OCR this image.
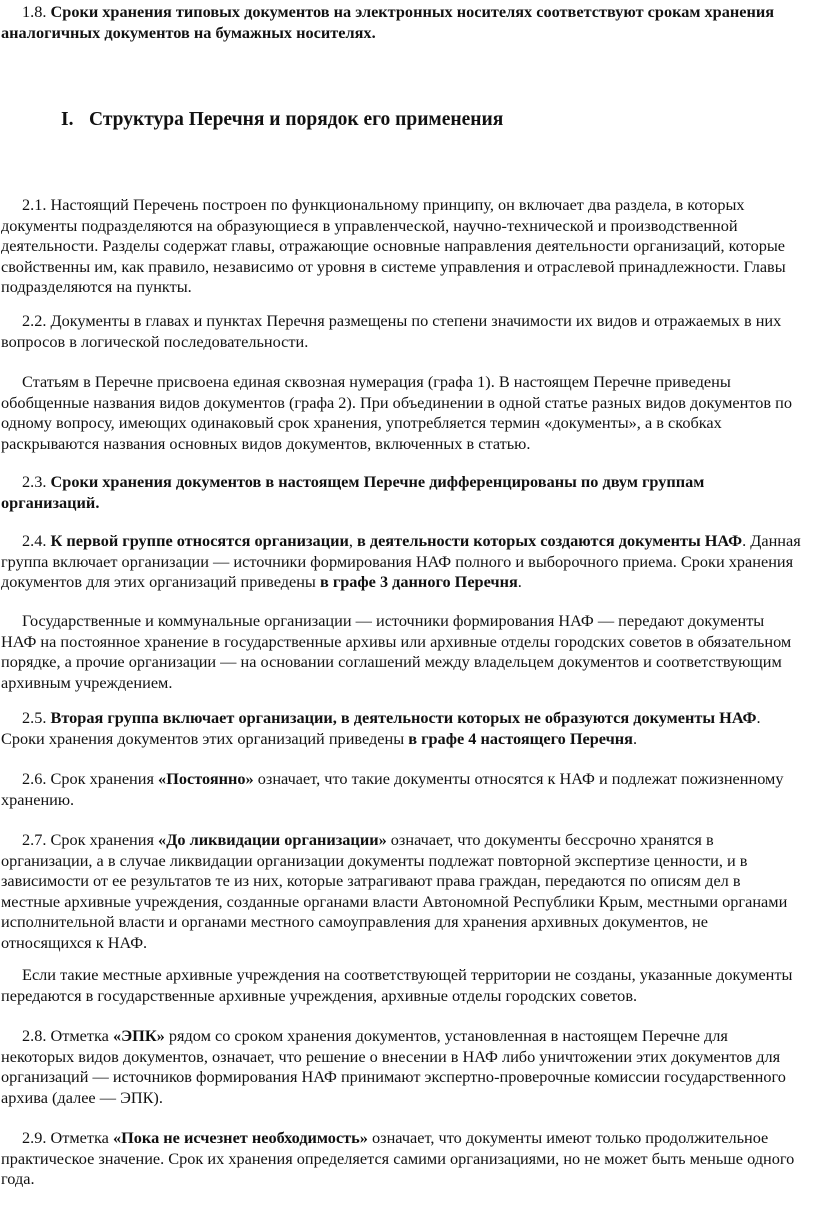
1.8. Сроки хранения типовых документов на электронных носителях соответствуют срокам хранения аналогичных документов на бумажных носителях.

I. Структура Перечня и порядок его применения

2.1. Настоящий Перечень построен по функциональному принципу, он включает два раздела, в которых документы подразделяются на образующиеся в управленческой, научно-технической и производственной деятельности. Разделы содержат главы, отражающие основные направления деятельности организаций, которые свойственны им, как правило, независимо от уровня в системе управления и отраслевой принадлежности. Главы подразделяются на пункты.

2.2. Документы в главах и пунктах Перечня размещены по степени значимости их видов и отражаемых в них вопросов в логической последовательности.

Статьям в Перечне присвоена единая сквозная нумерация (графа 1). В настоящем Перечне приведены обобщенные названия видов документов (графа 2). При объединении в одной статье разных видов документов по одному вопросу, имеющих одинаковый срок хранения, употребляется термин «документы», а в скобках раскрываются названия основных видов документов, включенных в статью.

2.3. Сроки хранения документов в настоящем Перечне дифференцированы по двум группам организаций.

2.4. К первой группе относятся организации, в деятельности которых создаются документы НАФ. Данная группа включает организации — источники формирования НАФ полного и выборочного приема. Сроки хранения документов для этих организаций приведены в графе 3 данного Перечня.

Государственные и коммунальные организации — источники формирования НАФ — передают документы НАФ на постоянное хранение в государственные архивы или архивные отделы городских советов в обязательном порядке, а прочие организации — на основании соглашений между владельцем документов и соответствующим архивным учреждением.

2.5. Вторая группа включает организации, в деятельности которых не образуются документы НАФ. Сроки хранения документов этих организаций приведены в графе 4 настоящего Перечня.

2.6. Срок хранения «Постоянно» означает, что такие документы относятся к НАФ и подлежат пожизненному хранению.

2.7. Срок хранения «До ликвидации организации» означает, что документы бессрочно хранятся в организации, а в случае ликвидации организации документы подлежат повторной экспертизе ценности, и в зависимости от ее результатов те из них, которые затрагивают права граждан, передаются по описям дел в местные архивные учреждения, созданные органами власти Автономной Республики Крым, местными органами исполнительной власти и органами местного самоуправления для хранения архивных документов, не относящихся к НАФ.

Если такие местные архивные учреждения на соответствующей территории не созданы, указанные документы передаются в государственные архивные учреждения, архивные отделы городских советов.

2.8. Отметка «ЭПК» рядом со сроком хранения документов, установленная в настоящем Перечне для некоторых видов документов, означает, что решение о внесении в НАФ либо уничтожении этих документов для организаций — источников формирования НАФ принимают экспертно-проверочные комиссии государственного архива (далее — ЭПК).

2.9. Отметка «Пока не исчезнет необходимость» означает, что документы имеют только продолжительное практическое значение. Срок их хранения определяется самими организациями, но не может быть меньше одного года.
